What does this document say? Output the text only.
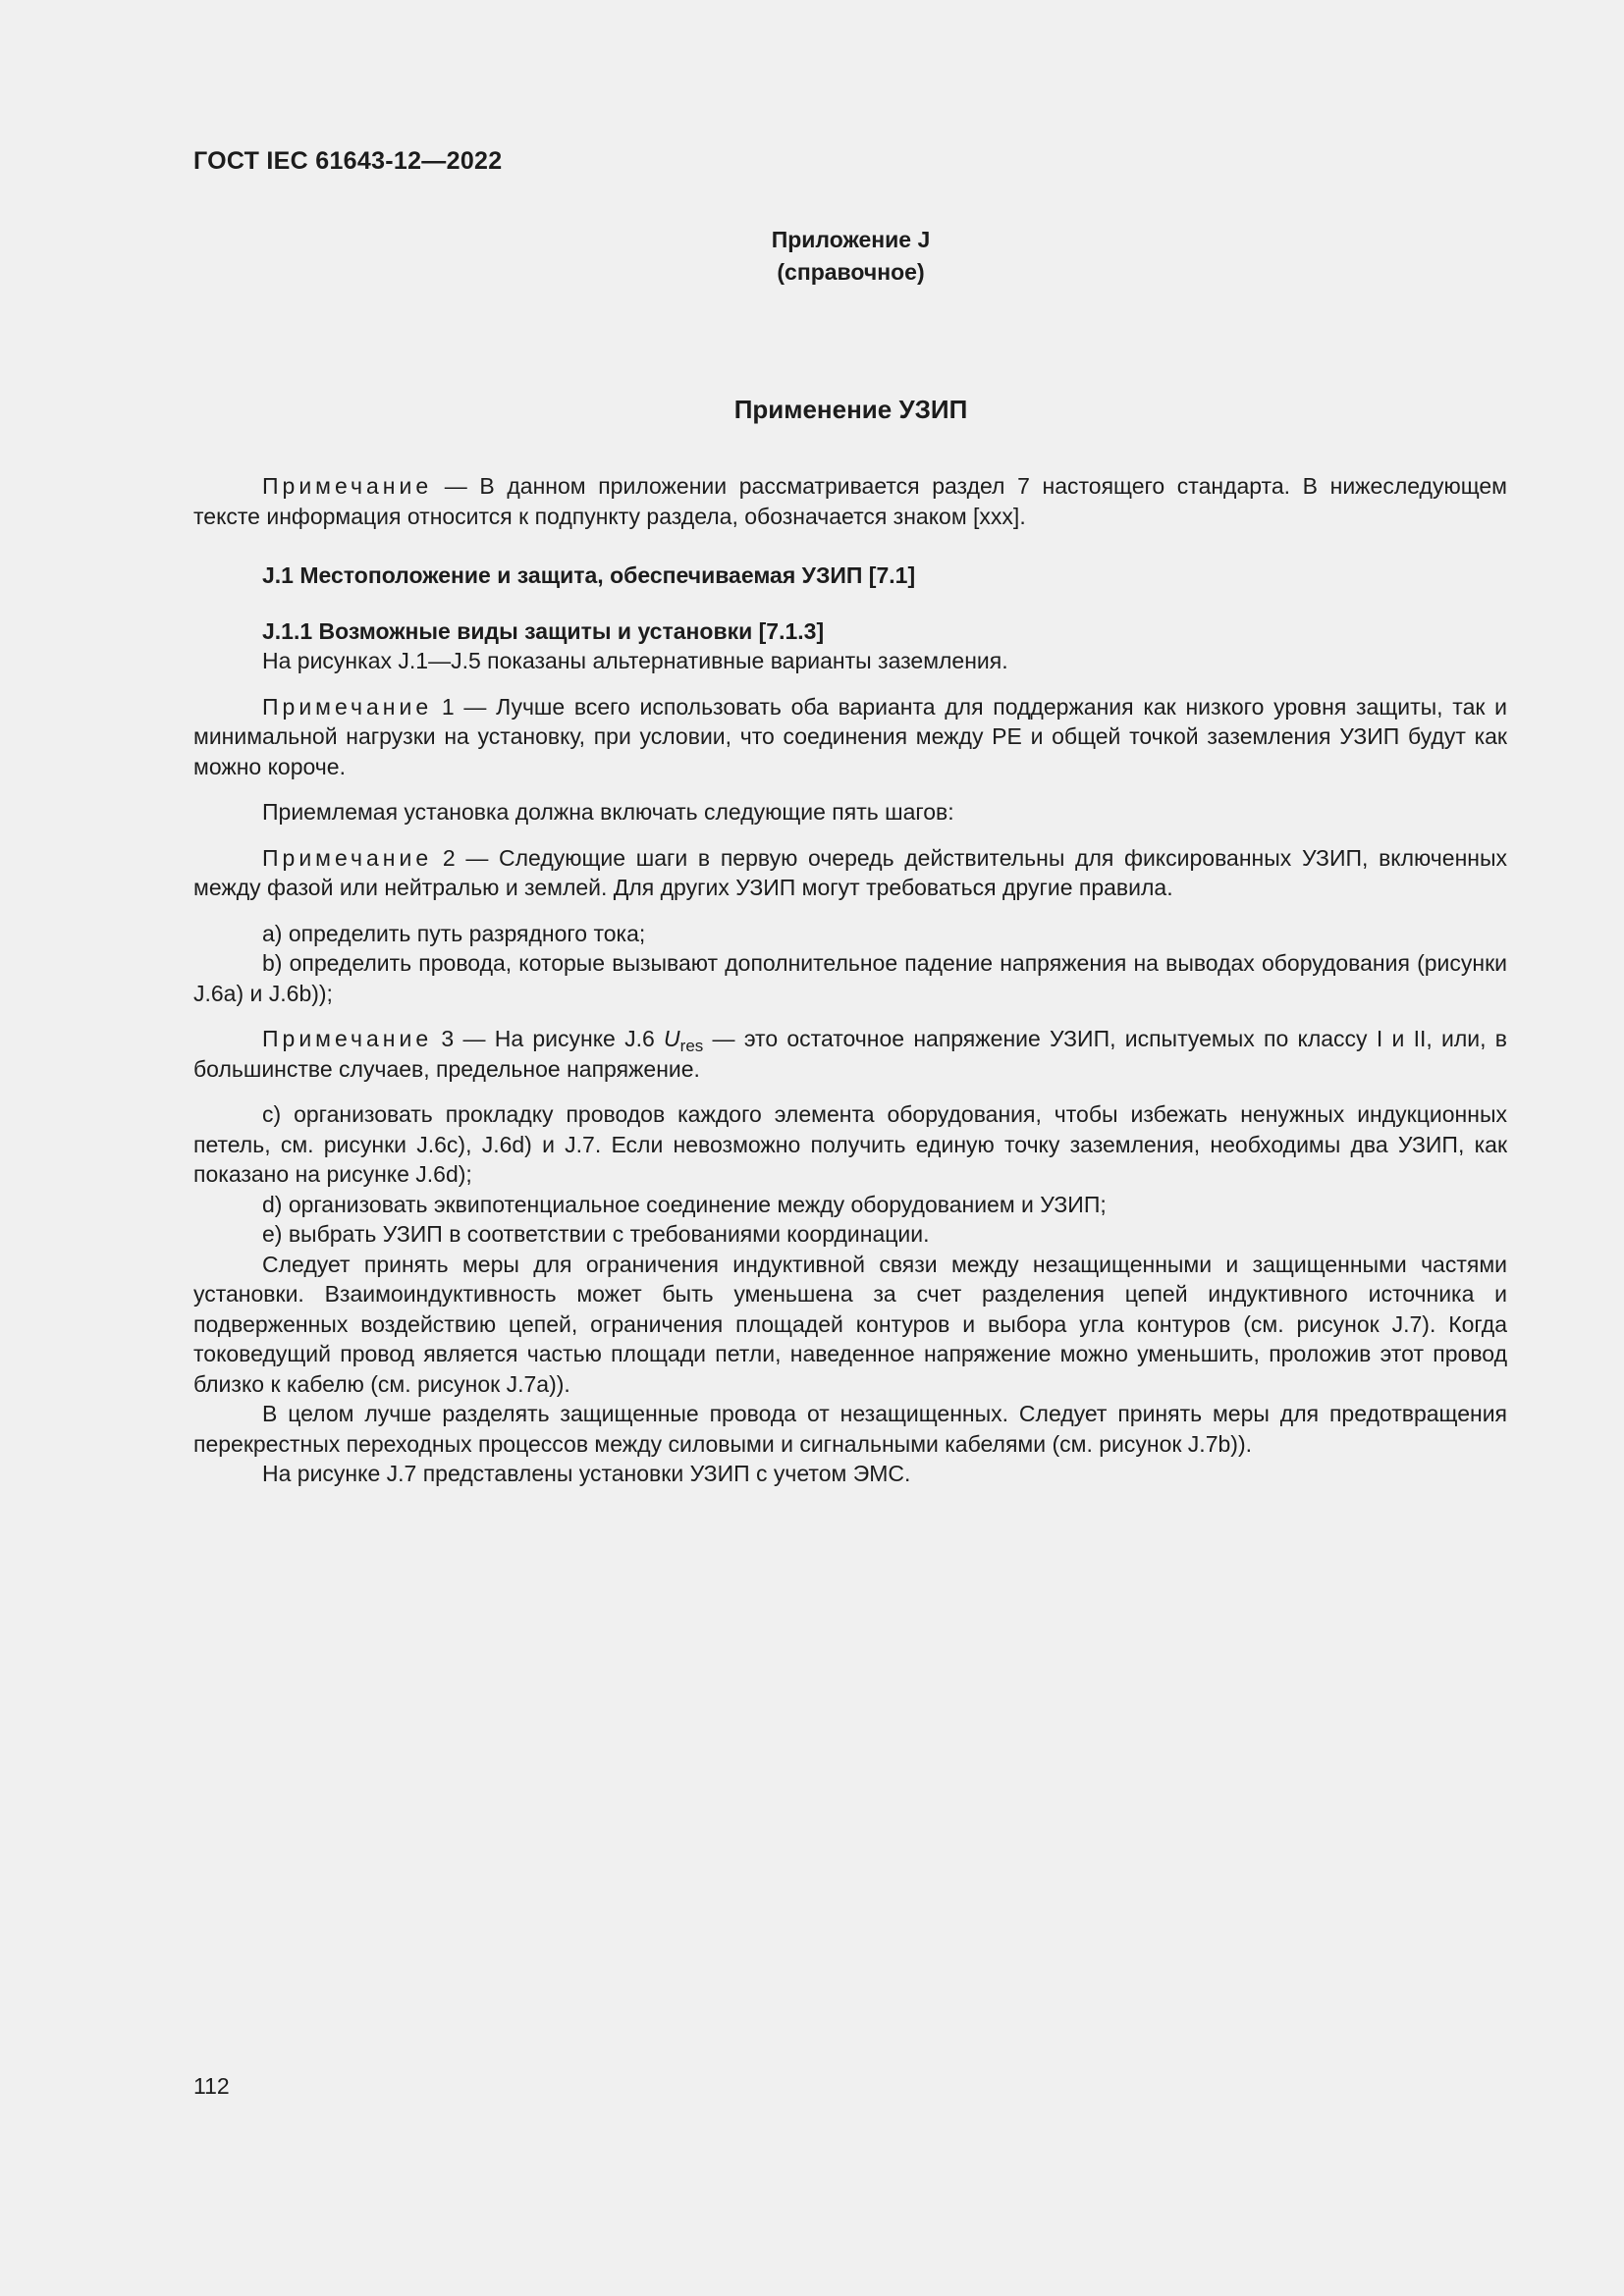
ГОСТ IEC 61643-12—2022
Приложение J
(справочное)
Применение УЗИП

Примечание — В данном приложении рассматривается раздел 7 настоящего стандарта. В нижеследующем тексте информация относится к подпункту раздела, обозначается знаком [xxx].

J.1 Местоположение и защита, обеспечиваемая УЗИП [7.1]

J.1.1 Возможные виды защиты и установки [7.1.3]

На рисунках J.1—J.5 показаны альтернативные варианты заземления.

Примечание 1 — Лучше всего использовать оба варианта для поддержания как низкого уровня защиты, так и минимальной нагрузки на установку, при условии, что соединения между PE и общей точкой заземления УЗИП будут как можно короче.

Приемлемая установка должна включать следующие пять шагов:

Примечание 2 — Следующие шаги в первую очередь действительны для фиксированных УЗИП, включенных между фазой или нейтралью и землей. Для других УЗИП могут требоваться другие правила.

a) определить путь разрядного тока;

b) определить провода, которые вызывают дополнительное падение напряжения на выводах оборудования (рисунки J.6a) и J.6b));

Примечание 3 — На рисунке J.6 $U_{res}$ — это остаточное напряжение УЗИП, испытуемых по классу I и II, или, в большинстве случаев, предельное напряжение.

c) организовать прокладку проводов каждого элемента оборудования, чтобы избежать ненужных индукционных петель, см. рисунки J.6c), J.6d) и J.7. Если невозможно получить единую точку заземления, необходимы два УЗИП, как показано на рисунке J.6d);

d) организовать эквипотенциальное соединение между оборудованием и УЗИП;

e) выбрать УЗИП в соответствии с требованиями координации.

Следует принять меры для ограничения индуктивной связи между незащищенными и защищенными частями установки. Взаимоиндуктивность может быть уменьшена за счет разделения цепей индуктивного источника и подверженных воздействию цепей, ограничения площадей контуров и выбора угла контуров (см. рисунок J.7). Когда токоведущий провод является частью площади петли, наведенное напряжение можно уменьшить, проложив этот провод близко к кабелю (см. рисунок J.7a)).

В целом лучше разделять защищенные провода от незащищенных. Следует принять меры для предотвращения перекрестных переходных процессов между силовыми и сигнальными кабелями (см. рисунок J.7b)).

На рисунке J.7 представлены установки УЗИП с учетом ЭМС.

112
